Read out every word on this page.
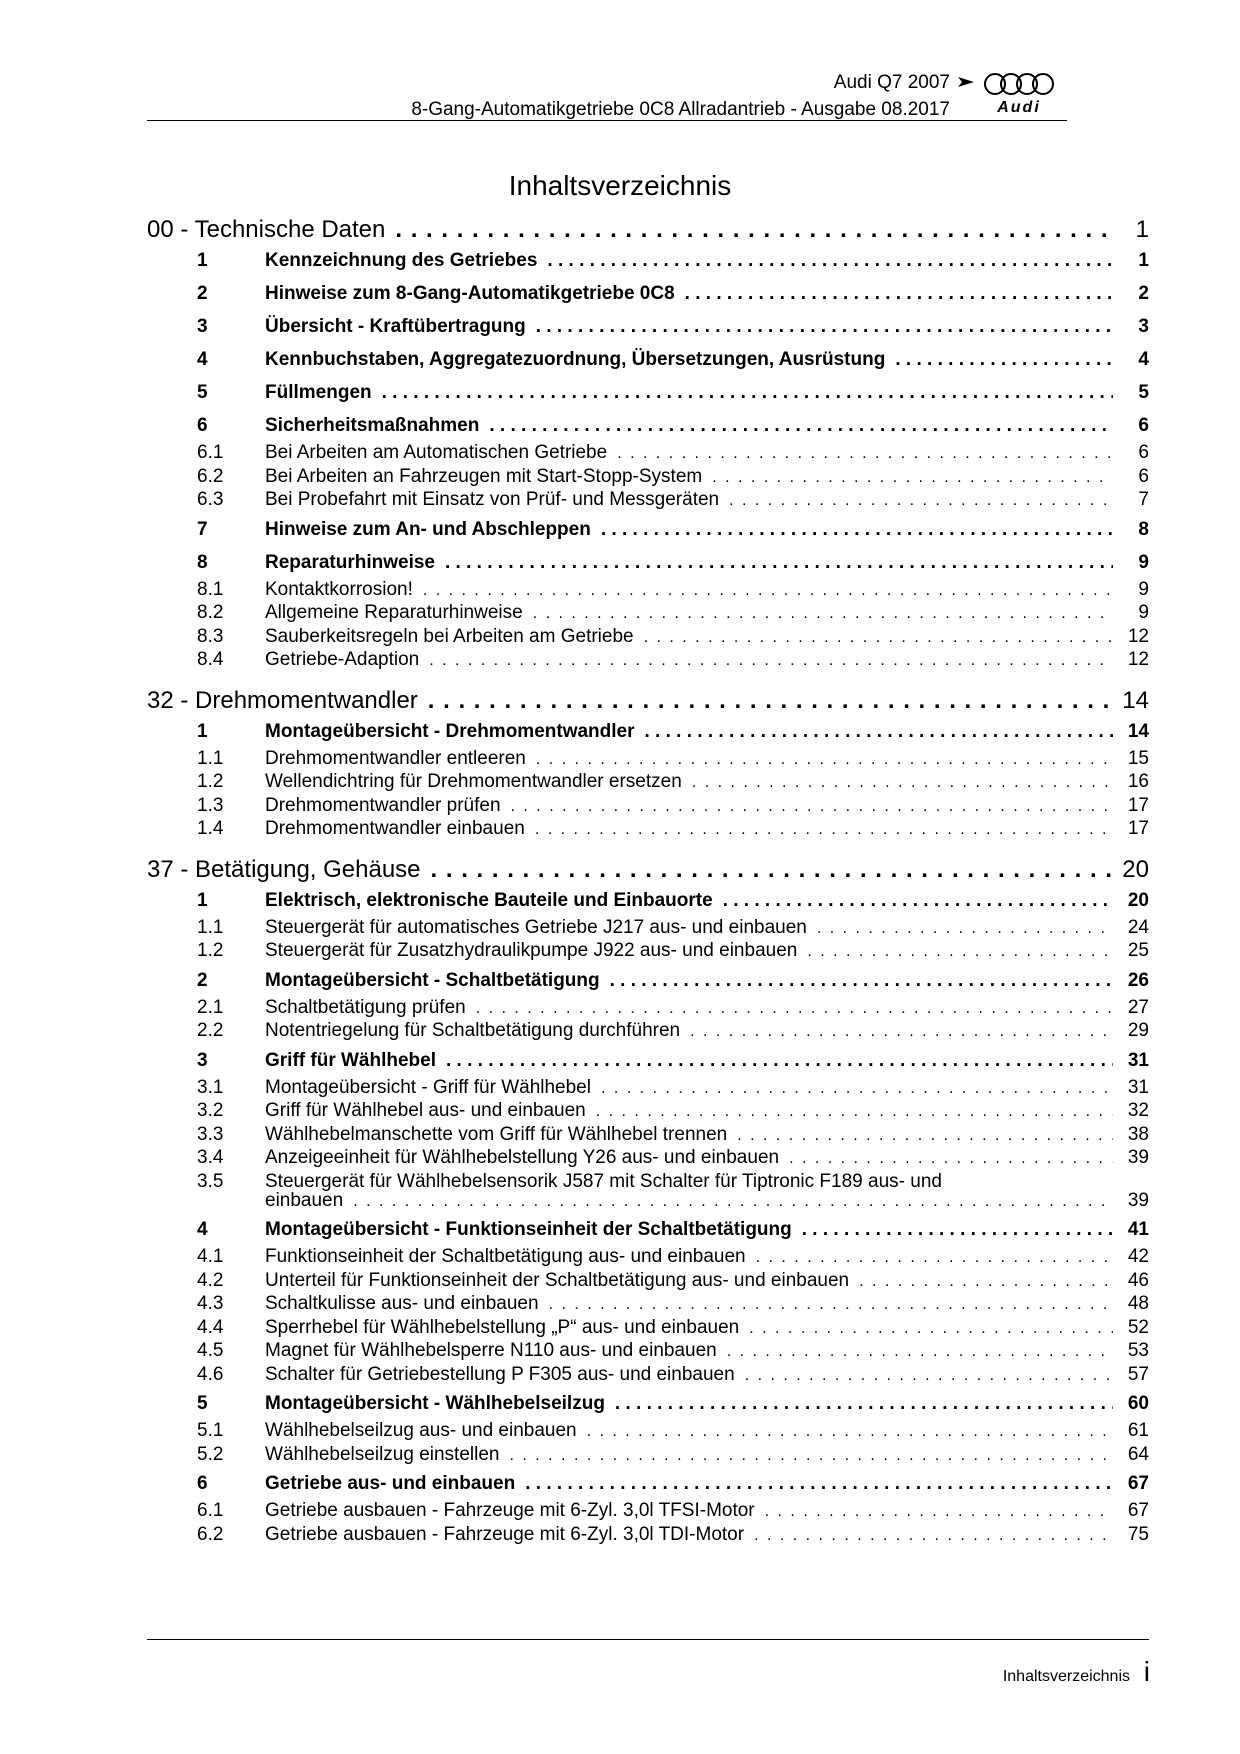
Audi Q7 2007
8-Gang-Automatikgetriebe 0C8 Allradantrieb - Ausgabe 08.2017	Audi
Inhaltsverzeichnis
00 - Technische Daten . . .	1
1	Kennzeichnung des Getriebes . . .	1
2	Hinweise zum 8-Gang-Automatikgetriebe 0C8 . . .	2
3	Übersicht - Kraftübertragung . . .	3
4	Kennbuchstaben, Aggregatezuordnung, Übersetzungen, Ausrüstung . . .	4
5	Füllmengen . . .	5
6	Sicherheitsmaßnahmen . . .	6
6.1	Bei Arbeiten am Automatischen Getriebe . . .	6
6.2	Bei Arbeiten an Fahrzeugen mit Start-Stopp-System . . .	6
6.3	Bei Probefahrt mit Einsatz von Prüf- und Messgeräten . . .	7
7	Hinweise zum An- und Abschleppen . . .	8
8	Reparaturhinweise . . .	9
8.1	Kontaktkorrosion! . . .	9
8.2	Allgemeine Reparaturhinweise . . .	9
8.3	Sauberkeitsregeln bei Arbeiten am Getriebe . . .	12
8.4	Getriebe-Adaption . . .	12
32 - Drehmomentwandler . . .	14
1	Montageübersicht - Drehmomentwandler . . .	14
1.1	Drehmomentwandler entleeren . . .	15
1.2	Wellendichtring für Drehmomentwandler ersetzen . . .	16
1.3	Drehmomentwandler prüfen . . .	17
1.4	Drehmomentwandler einbauen . . .	17
37 - Betätigung, Gehäuse . . .	20
1	Elektrisch, elektronische Bauteile und Einbauorte . . .	20
1.1	Steuergerät für automatisches Getriebe J217 aus- und einbauen . . .	24
1.2	Steuergerät für Zusatzhydraulikpumpe J922 aus- und einbauen . . .	25
2	Montageübersicht - Schaltbetätigung . . .	26
2.1	Schaltbetätigung prüfen . . .	27
2.2	Notentriegelung für Schaltbetätigung durchführen . . .	29
3	Griff für Wählhebel . . .	31
3.1	Montageübersicht - Griff für Wählhebel . . .	31
3.2	Griff für Wählhebel aus- und einbauen . . .	32
3.3	Wählhebelmanschette vom Griff für Wählhebel trennen . . .	38
3.4	Anzeigeeinheit für Wählhebelstellung Y26 aus- und einbauen . . .	39
3.5 Steuergerät für Wählhebelsensorik J587 mit Schalter für Tiptronic F189 aus- und
einbauen . . .	39
4	Montageübersicht - Funktionseinheit der Schaltbetätigung . . .	41
4.1	Funktionseinheit der Schaltbetätigung aus- und einbauen . . .	42
4.2	Unterteil für Funktionseinheit der Schaltbetätigung aus- und einbauen . . .	46
4.3	Schaltkulisse aus- und einbauen . . .	48
4.4	Sperrhebel für Wählhebelstellung „P“ aus- und einbauen . . .	52
4.5	Magnet für Wählhebelsperre N110 aus- und einbauen . . .	53
4.6	Schalter für Getriebestellung P F305 aus- und einbauen . . .	57
5	Montageübersicht - Wählhebelseilzug . . .	60
5.1	Wählhebelseilzug aus- und einbauen . . .	61
5.2	Wählhebelseilzug einstellen . . .	64
6	Getriebe aus- und einbauen . . .	67
6.1	Getriebe ausbauen - Fahrzeuge mit 6-Zyl. 3,0l TFSI-Motor . . .	67
6.2	Getriebe ausbauen - Fahrzeuge mit 6-Zyl. 3,0l TDI-Motor . . .	75
Inhaltsverzeichnis i
